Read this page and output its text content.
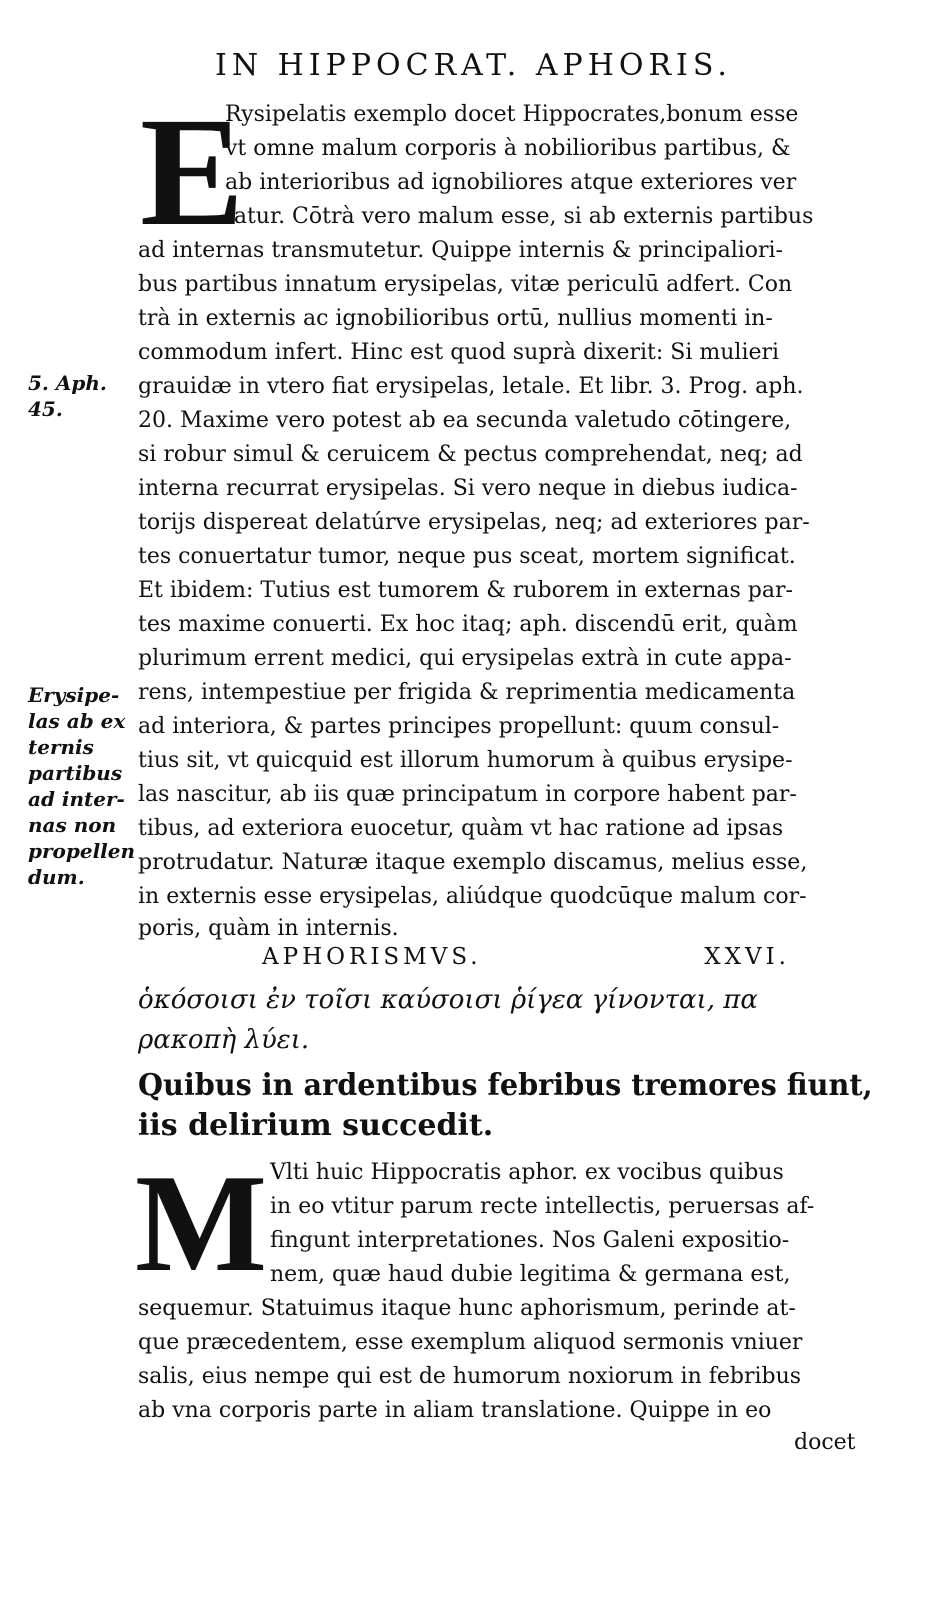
IN HIPPOCRAT. APHORIS.
5. Aph.
45.
Erysipe-
las ab ex
ternis
partibus
ad inter-
nas non
propellen
dum.
E

Rysipelatis exemplo docet Hippocrates,bonum esse

vt omne malum corporis à nobilioribus partibus, &

ab interioribus ad ignobiliores atque exteriores ver

tatur. Cōtrà vero malum esse, si ab externis partibus

ad internas transmutetur. Quippe internis & principaliori-

bus partibus innatum erysipelas, vitæ periculū adfert. Con

trà in externis ac ignobilioribus ortū, nullius momenti in-

commodum infert. Hinc est quod suprà dixerit: Si mulieri

grauidæ in vtero fiat erysipelas, letale. Et libr. 3. Prog. aph.

20. Maxime vero potest ab ea secunda valetudo cōtingere,

si robur simul & ceruicem & pectus comprehendat, neq; ad

interna recurrat erysipelas. Si vero neque in diebus iudica-

torijs dispereat delatúrve erysipelas, neq; ad exteriores par-

tes conuertatur tumor, neque pus sceat, mortem significat.

Et ibidem: Tutius est tumorem & ruborem in externas par-

tes maxime conuerti. Ex hoc itaq; aph. discendū erit, quàm

plurimum errent medici, qui erysipelas extrà in cute appa-

rens, intempestiue per frigida & reprimentia medicamenta

ad interiora, & partes principes propellunt: quum consul-

tius sit, vt quicquid est illorum humorum à quibus erysipe-

las nascitur, ab iis quæ principatum in corpore habent par-

tibus, ad exteriora euocetur, quàm vt hac ratione ad ipsas

protrudatur. Naturæ itaque exemplo discamus, melius esse,

in externis esse erysipelas, aliúdque quodcūque malum cor-

poris, quàm in internis.

APHORISMVS.	XXVI.
ὁκόσοισι ἐν τοῖσι καύσοισι ῥίγεα γίνονται, πα
ρακοπὴ λύει.
Quibus in ardentibus febribus tremores fiunt,
iis delirium succedit.
M Vlti huic Hippocratis aphor. ex vocibus quibus

in eo vtitur parum recte intellectis, peruersas af-

fingunt interpretationes. Nos Galeni expositio-

nem, quæ haud dubie legitima & germana est,

sequemur. Statuimus itaque hunc aphorismum, perinde at-

que præcedentem, esse exemplum aliquod sermonis vniuer

salis, eius nempe qui est de humorum noxiorum in febribus

ab vna corporis parte in aliam translatione. Quippe in eo

docet
